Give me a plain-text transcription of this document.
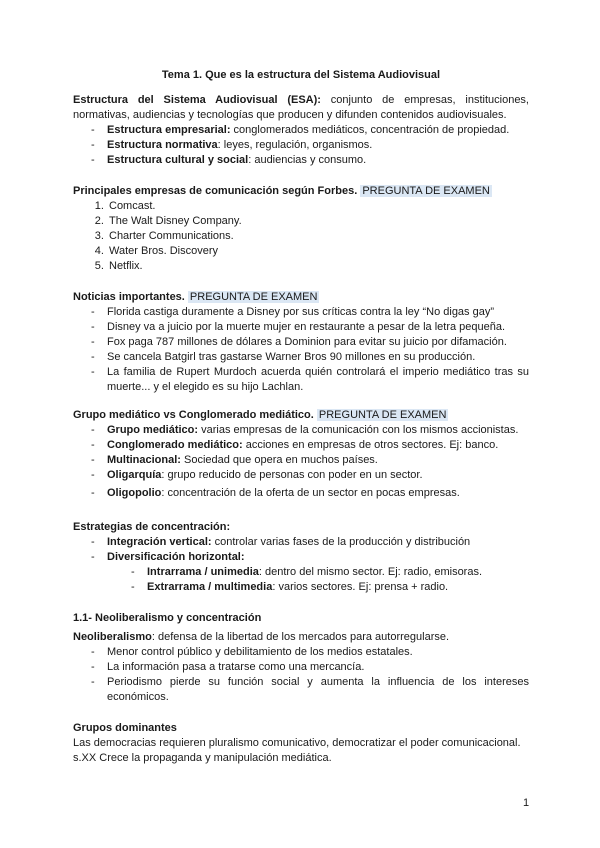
Tema 1. Que es la estructura del Sistema Audiovisual
Estructura del Sistema Audiovisual (ESA): conjunto de empresas, instituciones, normativas, audiencias y tecnologías que producen y difunden contenidos audiovisuales.
- Estructura empresarial: conglomerados mediáticos, concentración de propiedad.
- Estructura normativa: leyes, regulación, organismos.
- Estructura cultural y social: audiencias y consumo.
Principales empresas de comunicación según Forbes. PREGUNTA DE EXAMEN
1. Comcast.
2. The Walt Disney Company.
3. Charter Communications.
4. Water Bros. Discovery
5. Netflix.
Noticias importantes. PREGUNTA DE EXAMEN
- Florida castiga duramente a Disney por sus críticas contra la ley “No digas gay”
- Disney va a juicio por la muerte mujer en restaurante a pesar de la letra pequeña.
- Fox paga 787 millones de dólares a Dominion para evitar su juicio por difamación.
- Se cancela Batgirl tras gastarse Warner Bros 90 millones en su producción.
- La familia de Rupert Murdoch acuerda quién controlará el imperio mediático tras su muerte... y el elegido es su hijo Lachlan.
Grupo mediático vs Conglomerado mediático. PREGUNTA DE EXAMEN
- Grupo mediático: varias empresas de la comunicación con los mismos accionistas.
- Conglomerado mediático: acciones en empresas de otros sectores. Ej: banco.
- Multinacional: Sociedad que opera en muchos países.
- Oligarquía: grupo reducido de personas con poder en un sector.
- Oligopolio: concentración de la oferta de un sector en pocas empresas.
Estrategias de concentración:
- Integración vertical: controlar varias fases de la producción y distribución
- Diversificación horizontal:
- Intrarrama / unimedia: dentro del mismo sector. Ej: radio, emisoras.
- Extrarrama / multimedia: varios sectores. Ej: prensa + radio.
1.1- Neoliberalismo y concentración
Neoliberalismo: defensa de la libertad de los mercados para autorregularse.
- Menor control público y debilitamiento de los medios estatales.
- La información pasa a tratarse como una mercancía.
- Periodismo pierde su función social y aumenta la influencia de los intereses económicos.
Grupos dominantes
Las democracias requieren pluralismo comunicativo, democratizar el poder comunicacional.
s.XX Crece la propaganda y manipulación mediática.
1
